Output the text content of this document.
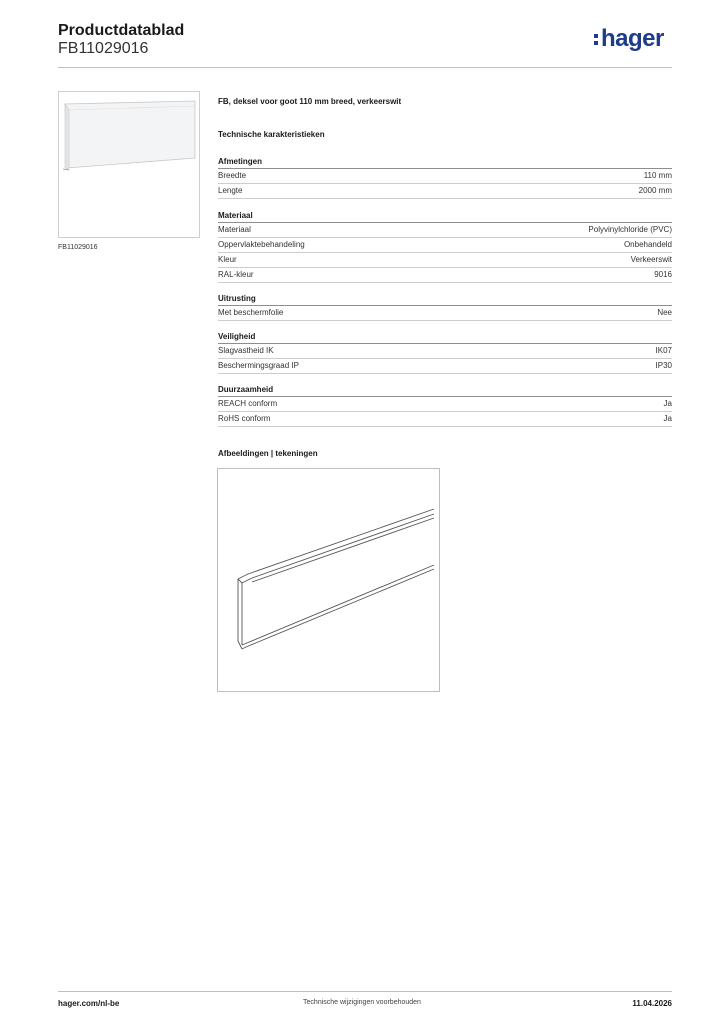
Productdatablad
FB11029016	hager
FB11029016
FB, deksel voor goot 110 mm breed, verkeerswit
Technische karakteristieken
Afmetingen
Breedte	110 mm
Lengte	2000 mm
Materiaal
Materiaal	Polyvinylchloride (PVC)
Oppervlaktebehandeling	Onbehandeld
Kleur	Verkeerswit
RAL-kleur	9016
Uitrusting
Met beschermfolie	Nee
Veiligheid
Slagvastheid IK	IK07
Beschermingsgraad IP	IP30
Duurzaamheid
REACH conform	Ja
RoHS conform	Ja
Afbeeldingen | tekeningen
hager.com/nl-be	Technische wijzigingen voorbehouden	11.04.2026
